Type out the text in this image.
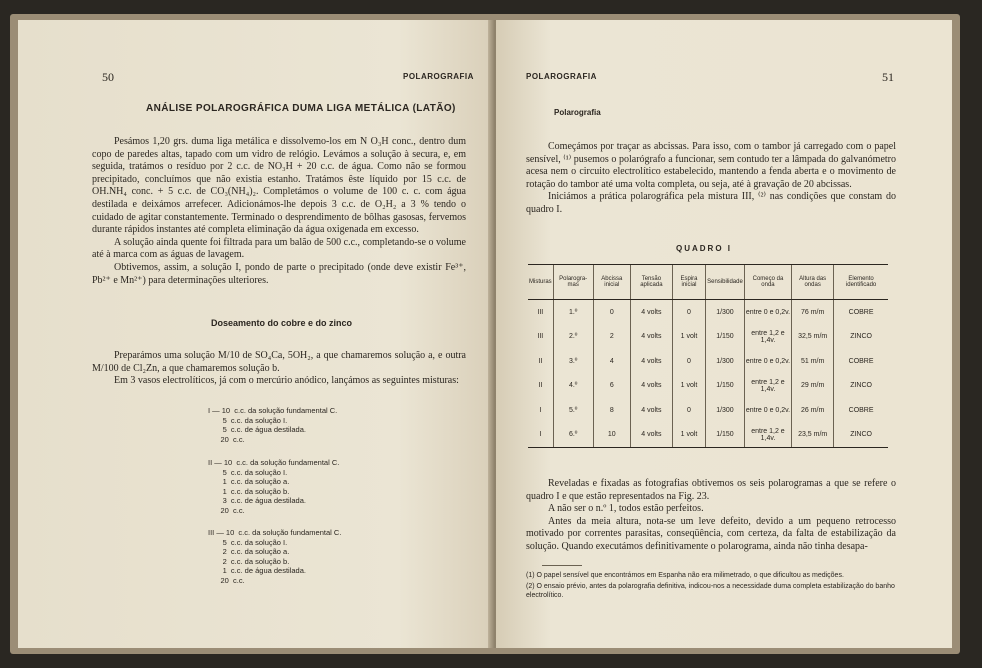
50	POLAROGRAFIA
ANÁLISE POLAROGRÁFICA DUMA LIGA METÁLICA (LATÃO)

Pesámos 1,20 grs. duma liga metálica e dissolvemo-los em N O₃H conc., dentro dum copo de paredes altas, tapado com um vidro de relógio. Levámos a solução à secura, e, em seguida, tratámos o resíduo por 2 c.c. de NO₃H + 20 c.c. de água. Como não se formou precipitado, concluímos que não existia estanho. Tratámos êste líquido por 15 c.c. de OH.NH₄ conc. + 5 c.c. de CO₃(NH₄)₂. Completámos o volume de 100 c. c. com água destilada e deixámos arrefecer. Adicionámos-lhe depois 3 c.c. de O₂H₂ a 3 % tendo o cuidado de agitar constantemente. Terminado o desprendimento de bôlhas gasosas, fervemos durante rápidos instantes até completa eliminação da água oxigenada em excesso.

A solução ainda quente foi filtrada para um balão de 500 c.c., completando-se o volume até à marca com as águas de lavagem.

Obtivemos, assim, a solução I, pondo de parte o precipitado (onde deve existir Fe³⁺, Pb²⁺ e Mn²⁺) para determinações ulteriores.

Doseamento do cobre e do zinco

Preparámos uma solução M/10 de SO₄Ca, 5OH₂, a que chamaremos solução a, e outra M/100 de Cl₂Zn, a que chamaremos solução b.

Em 3 vasos electrolíticos, já com o mercúrio anódico, lançámos as seguintes misturas:

I — 10  c.c. da solução fundamental C.
5  c.c. da solução I.
5  c.c. de água destilada.
20  c.c.
II — 10  c.c. da solução fundamental C.
5  c.c. da solução I.
1  c.c. da solução a.
1  c.c. da solução b.
3  c.c. de água destilada.
20  c.c.
III — 10  c.c. da solução fundamental C.
5  c.c. da solução I.
2  c.c. da solução a.
2  c.c. da solução b.
1  c.c. de água destilada.
20  c.c.
POLAROGRAFIA	51
Polarografia

Começámos por traçar as abcissas. Para isso, com o tambor já carregado com o papel sensível, ⁽¹⁾ pusemos o polarógrafo a funcionar, sem contudo ter a lâmpada do galvanómetro acesa nem o circuito electrolítico estabelecido, mantendo a fenda aberta e o movimento de rotação do tambor até uma volta completa, ou seja, até à gravação de 20 abcissas.

Iniciámos a prática polarográfica pela mistura III, ⁽²⁾ nas condições que constam do quadro I.

QUADRO I
Misturas	Polarogra-mas	Abcissa inicial	Tensão aplicada	Espira inicial	Sensibilidade	Começo da onda	Altura das ondas	Elemento identificado
III	1.º	0	4 volts	0	1/300	entre 0 e 0,2v.	76 m/m	COBRE
III	2.º	2	4 volts	1 volt	1/150	entre 1,2 e 1,4v.	32,5 m/m	ZINCO
II	3.º	4	4 volts	0	1/300	entre 0 e 0,2v.	51 m/m	COBRE
II	4.º	6	4 volts	1 volt	1/150	entre 1,2 e 1,4v.	29 m/m	ZINCO
I	5.º	8	4 volts	0	1/300	entre 0 e 0,2v.	26 m/m	COBRE
I	6.º	10	4 volts	1 volt	1/150	entre 1,2 e 1,4v.	23,5 m/m	ZINCO

Reveladas e fixadas as fotografias obtivemos os seis polarogramas a que se refere o quadro I e que estão representados na Fig. 23.

A não ser o n.º 1, todos estão perfeitos.

Antes da meia altura, nota-se um leve defeito, devido a um pequeno retrocesso motivado por correntes parasitas, conseqüência, com certeza, da falta de estabilização da solução. Quando executámos definitivamente o polarograma, ainda não tinha desapa-

(1) O papel sensível que encontrámos em Espanha não era milimetrado, o que dificultou as medições.
(2) O ensaio prévio, antes da polarografia definitiva, indicou-nos a necessidade duma completa estabilização do banho electrolítico.
